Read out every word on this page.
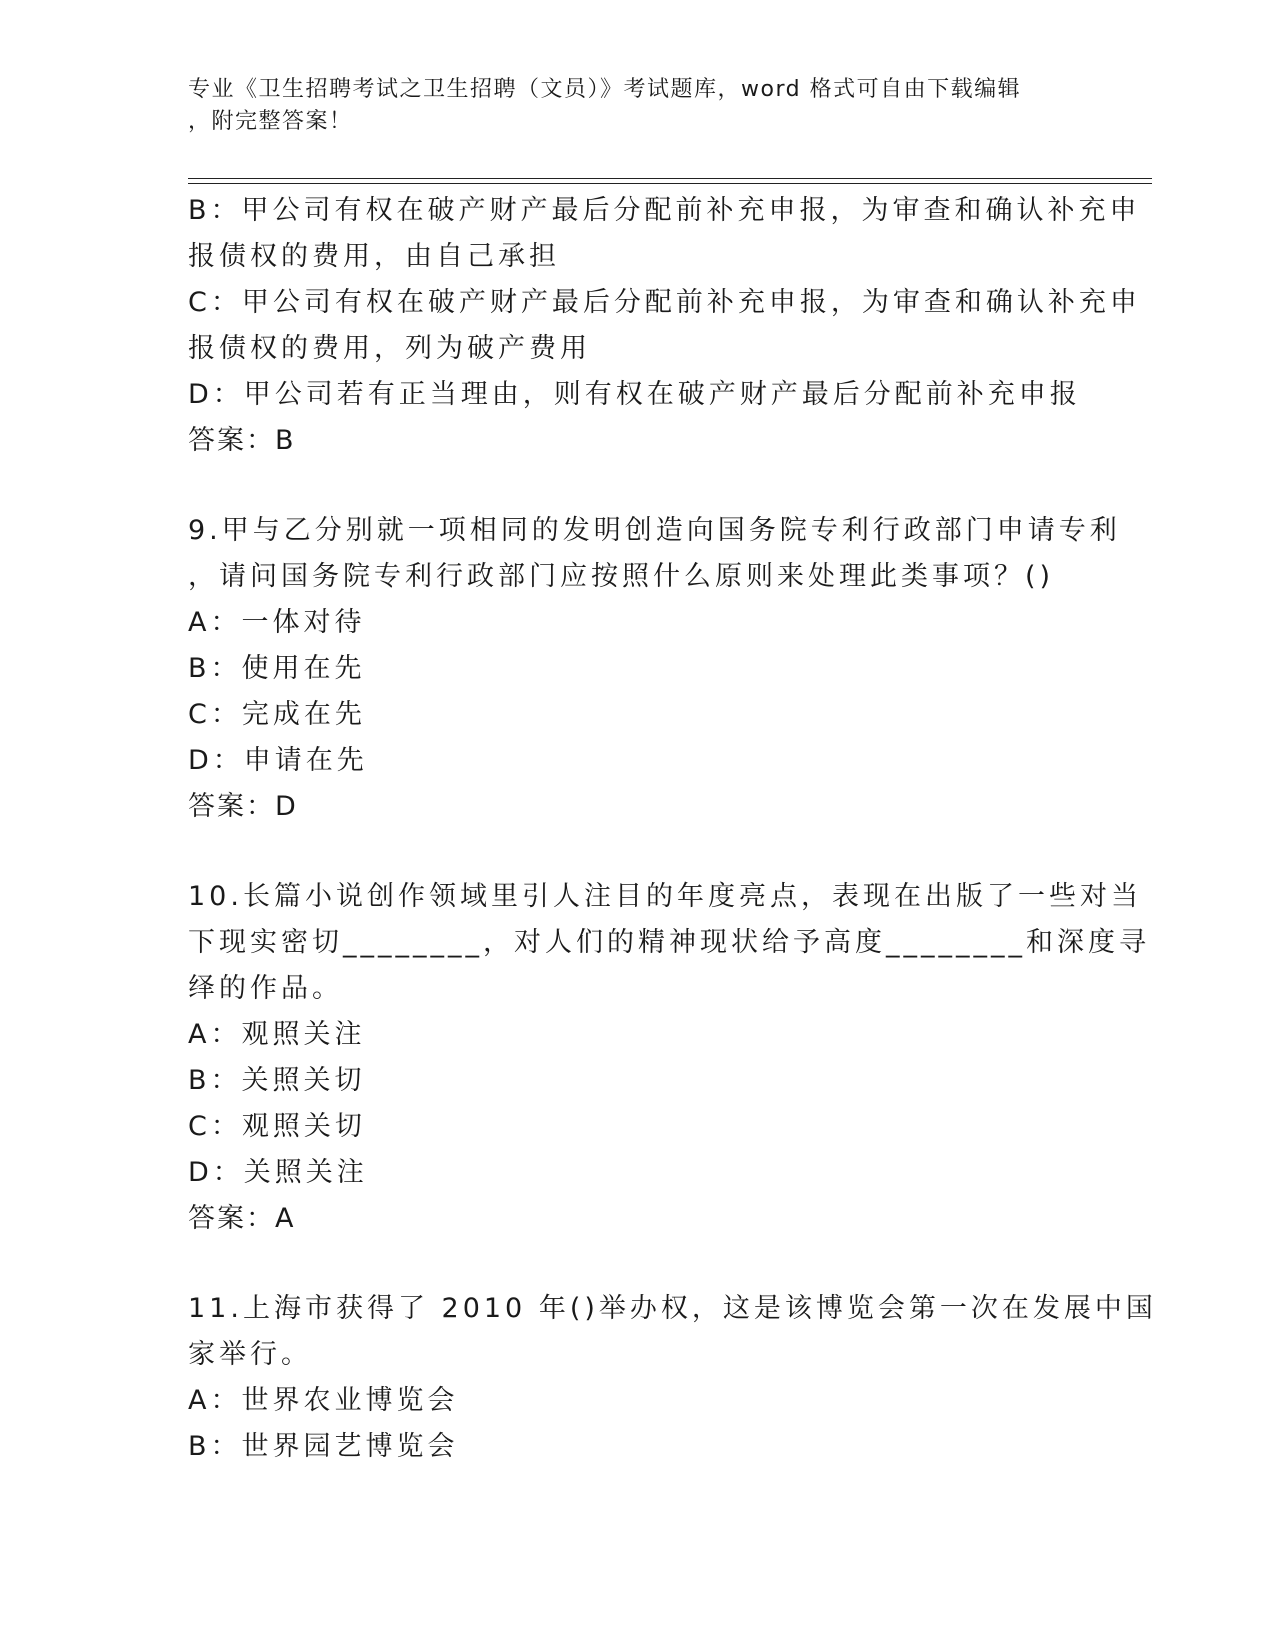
专业《卫生招聘考试之卫生招聘（文员）》考试题库，word 格式可自由下载编辑
，附完整答案！
B：甲公司有权在破产财产最后分配前补充申报，为审查和确认补充申
报债权的费用，由自己承担
C：甲公司有权在破产财产最后分配前补充申报，为审查和确认补充申
报债权的费用，列为破产费用
D：甲公司若有正当理由，则有权在破产财产最后分配前补充申报
答案：B
9.甲与乙分别就一项相同的发明创造向国务院专利行政部门申请专利
，请问国务院专利行政部门应按照什么原则来处理此类事项？()
A：一体对待
B：使用在先
C：完成在先
D：申请在先
答案：D
10.长篇小说创作领域里引人注目的年度亮点，表现在出版了一些对当
下现实密切________，对人们的精神现状给予高度________和深度寻
绎的作品。
A：观照关注
B：关照关切
C：观照关切
D：关照关注
答案：A
11.上海市获得了 2010 年()举办权，这是该博览会第一次在发展中国
家举行。
A：世界农业博览会
B：世界园艺博览会
